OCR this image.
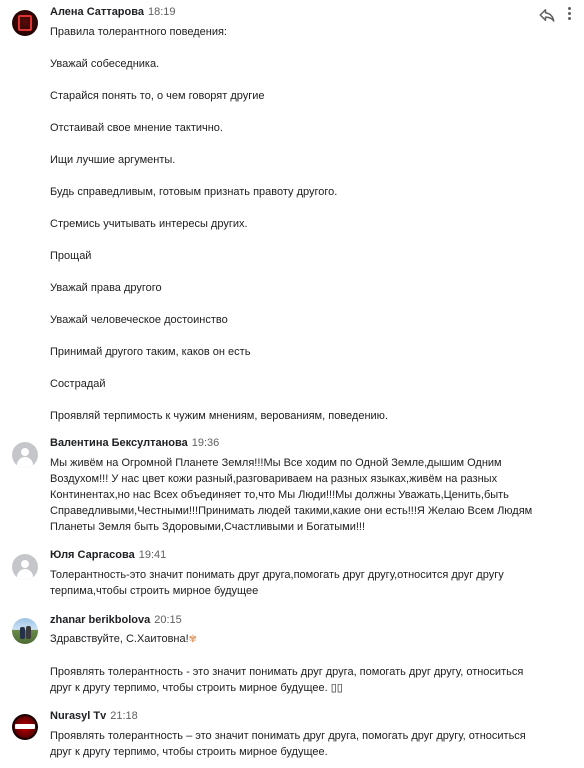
Алена Саттарова 18:19

Правила толерантного поведения:

Уважай собеседника.

Старайся понять то, о чем говорят другие

Отстаивай свое мнение тактично.

Ищи лучшие аргументы.

Будь справедливым, готовым признать правоту другого.

Стремись учитывать интересы других.

Прощай

Уважай права другого

Уважай человеческое достоинство

Принимай другого таким, каков он есть

Сострадай

Проявляй терпимость к чужим мнениям, верованиям, поведению.

Валентина Бексултанова 19:36

Мы живём на Огромной Планете Земля!!!Мы Все ходим по Одной Земле,дышим Одним

Воздухом!!! У нас цвет кожи разный,разговариваем на разных языках,живём на разных

Континентах,но нас Всех объединяет то,что Мы Люди!!!Мы должны Уважать,Ценить,быть

Справедливыми,Честными!!!Принимать людей такими,какие они есть!!!Я Желаю Всем Людям

Планеты Земля быть Здоровыми,Счастливыми и Богатыми!!!

Юля Саргасова 19:41

Толерантность-это значит понимать друг друга,помогать друг другу,относится друг другу

терпима,чтобы строить мирное будущее

zhanar berikbolova 20:15

Здравствуйте, С.Хаитовна!✾

Проявлять толерантность - это значит понимать друг друга, помогать друг другу, относиться

друг к другу терпимо, чтобы строить мирное будущее. ▯▯

Nurasyl Tv 21:18

Проявлять толерантность – это значит понимать друг друга, помогать друг другу, относиться

друг к другу терпимо, чтобы строить мирное будущее.
